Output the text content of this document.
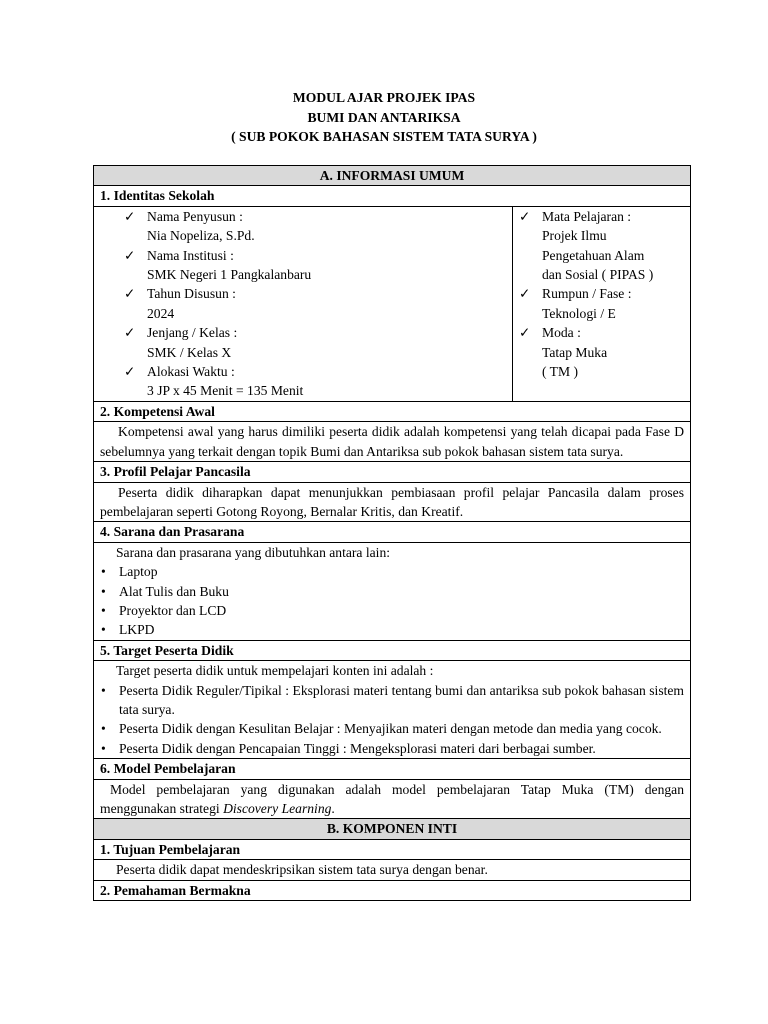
MODUL AJAR PROJEK IPAS
BUMI DAN ANTARIKSA
( SUB POKOK BAHASAN SISTEM TATA SURYA )
A. INFORMASI UMUM
1. Identitas Sekolah

✓ Nama Penyusun :
Nia Nopeliza, S.Pd.
✓ Nama Institusi :
SMK Negeri 1 Pangkalanbaru
✓ Tahun Disusun :
2024
✓ Jenjang / Kelas :
SMK / Kelas X
✓ Alokasi Waktu :
3 JP x 45 Menit = 135 Menit

✓ Mata Pelajaran :
Projek Ilmu
Pengetahuan Alam
dan Sosial ( PIPAS )
✓ Rumpun / Fase :
Teknologi / E
✓ Moda :
Tatap Muka
( TM )

2. Kompetensi Awal

Kompetensi awal yang harus dimiliki peserta didik adalah kompetensi yang telah dicapai pada Fase D sebelumnya yang terkait dengan topik Bumi dan Antariksa sub pokok bahasan sistem tata surya.

3. Profil Pelajar Pancasila

Peserta didik diharapkan dapat menunjukkan pembiasaan profil pelajar Pancasila dalam proses pembelajaran seperti Gotong Royong, Bernalar Kritis, dan Kreatif.

4. Sarana dan Prasarana

Sarana dan prasarana yang dibutuhkan antara lain:
• Laptop
• Alat Tulis dan Buku
• Proyektor dan LCD
• LKPD

5. Target Peserta Didik

Target peserta didik untuk mempelajari konten ini adalah :
• Peserta Didik Reguler/Tipikal : Eksplorasi materi tentang bumi dan antariksa sub pokok bahasan sistem tata surya.
• Peserta Didik dengan Kesulitan Belajar : Menyajikan materi dengan metode dan media yang cocok.
• Peserta Didik dengan Pencapaian Tinggi : Mengeksplorasi materi dari berbagai sumber.

6. Model Pembelajaran

Model pembelajaran yang digunakan adalah model pembelajaran Tatap Muka (TM) dengan menggunakan strategi Discovery Learning.

B. KOMPONEN INTI
1. Tujuan Pembelajaran

Peserta didik dapat mendeskripsikan sistem tata surya dengan benar.

2. Pemahaman Bermakna
